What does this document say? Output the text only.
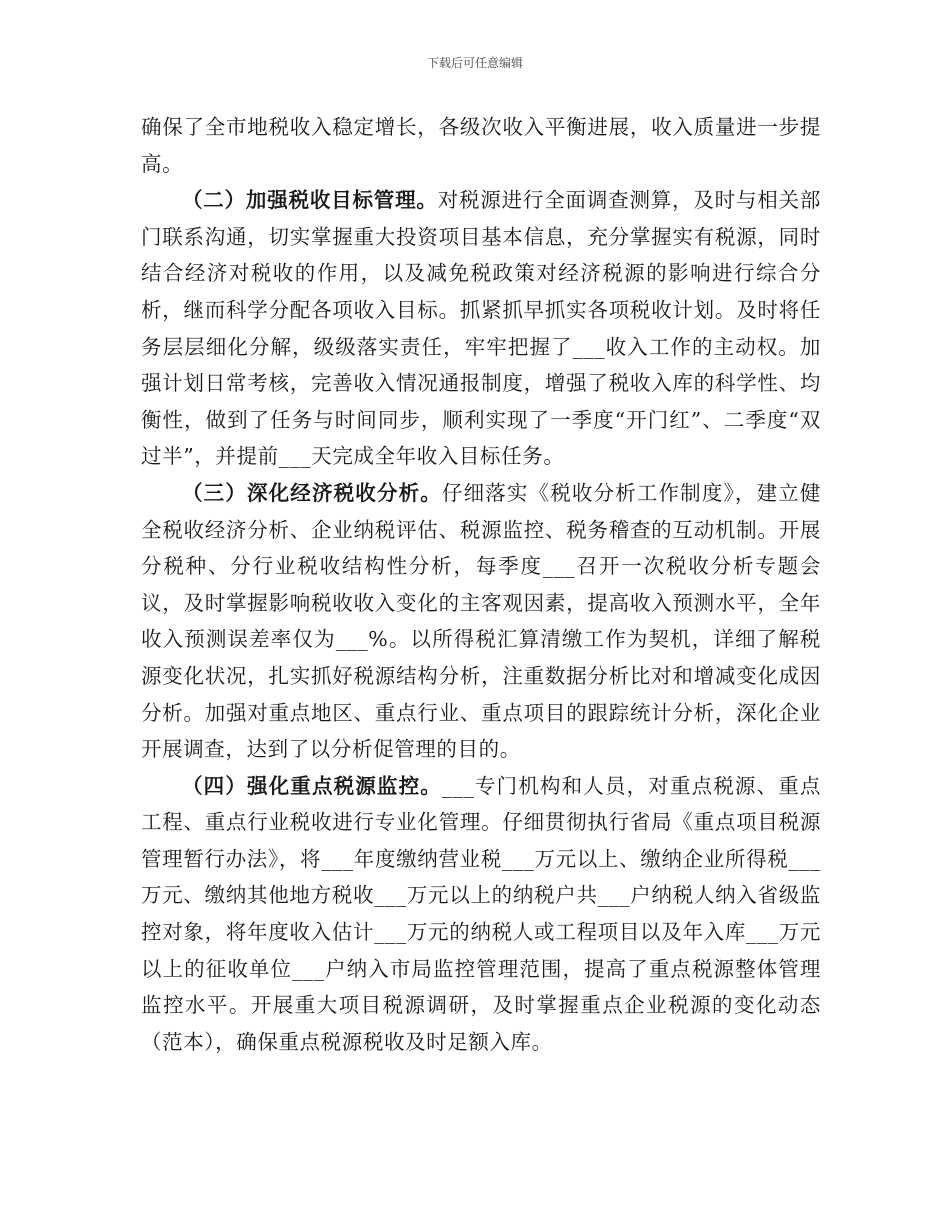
下载后可任意编辑

确保了全市地税收入稳定增长，各级次收入平衡进展，收入质量进一步提高。

（二）加强税收目标管理。对税源进行全面调查测算，及时与相关部门联系沟通，切实掌握重大投资项目基本信息，充分掌握实有税源，同时结合经济对税收的作用，以及减免税政策对经济税源的影响进行综合分析，继而科学分配各项收入目标。抓紧抓早抓实各项税收计划。及时将任务层层细化分解，级级落实责任，牢牢把握了___收入工作的主动权。加强计划日常考核，完善收入情况通报制度，增强了税收入库的科学性、均衡性，做到了任务与时间同步，顺利实现了一季度“开门红”、二季度“双过半”，并提前___天完成全年收入目标任务。

（三）深化经济税收分析。仔细落实《税收分析工作制度》，建立健全税收经济分析、企业纳税评估、税源监控、税务稽查的互动机制。开展分税种、分行业税收结构性分析，每季度___召开一次税收分析专题会议，及时掌握影响税收收入变化的主客观因素，提高收入预测水平，全年收入预测误差率仅为___%。以所得税汇算清缴工作为契机，详细了解税源变化状况，扎实抓好税源结构分析，注重数据分析比对和增减变化成因分析。加强对重点地区、重点行业、重点项目的跟踪统计分析，深化企业开展调查，达到了以分析促管理的目的。

（四）强化重点税源监控。___专门机构和人员，对重点税源、重点工程、重点行业税收进行专业化管理。仔细贯彻执行省局《重点项目税源管理暂行办法》，将___年度缴纳营业税___万元以上、缴纳企业所得税___万元、缴纳其他地方税收___万元以上的纳税户共___户纳税人纳入省级监控对象，将年度收入估计___万元的纳税人或工程项目以及年入库___万元以上的征收单位___户纳入市局监控管理范围，提高了重点税源整体管理监控水平。开展重大项目税源调研，及时掌握重点企业税源的变化动态（范本），确保重点税源税收及时足额入库。
